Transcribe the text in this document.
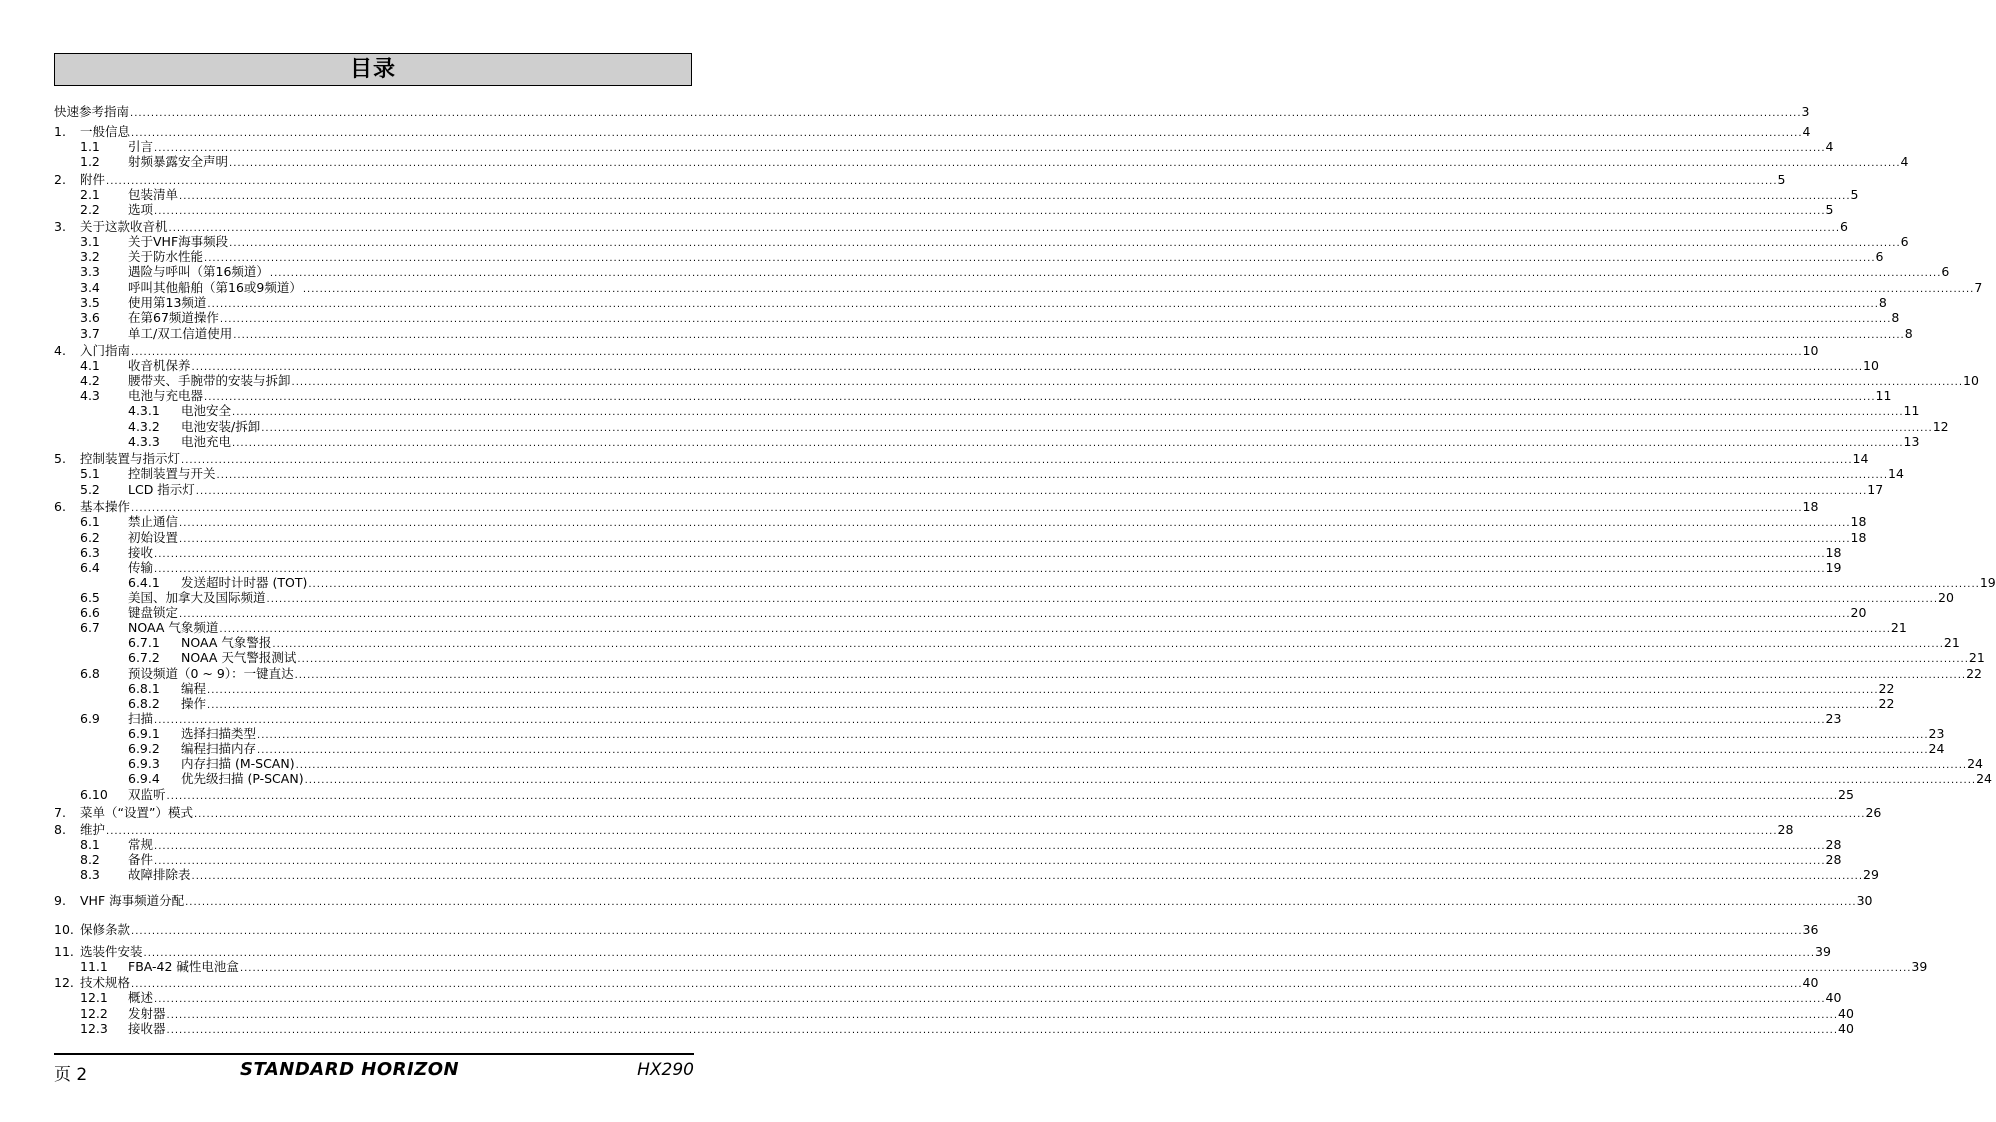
目录
快速参考指南 ................................................................................................................................................................................................................................................................................................................................................................................................................ 3
1. 一般信息 ................................................................................................................................................................................................................................................................................................................................................................................................................ 4
1.1 引言 ................................................................................................................................................................................................................................................................................................................................................................................................................ 4
1.2 射频暴露安全声明 ................................................................................................................................................................................................................................................................................................................................................................................................................ 4
2. 附件 ................................................................................................................................................................................................................................................................................................................................................................................................................ 5
2.1 包装清单 ................................................................................................................................................................................................................................................................................................................................................................................................................ 5
2.2 选项 ................................................................................................................................................................................................................................................................................................................................................................................................................ 5
3. 关于这款收音机 ................................................................................................................................................................................................................................................................................................................................................................................................................ 6
3.1 关于VHF海事频段 ................................................................................................................................................................................................................................................................................................................................................................................................................ 6
3.2 关于防水性能 ................................................................................................................................................................................................................................................................................................................................................................................................................ 6
3.3 遇险与呼叫（第16频道） ................................................................................................................................................................................................................................................................................................................................................................................................................ 6
3.4 呼叫其他船舶（第16或9频道） ................................................................................................................................................................................................................................................................................................................................................................................................................ 7
3.5 使用第13频道 ................................................................................................................................................................................................................................................................................................................................................................................................................ 8
3.6 在第67频道操作 ................................................................................................................................................................................................................................................................................................................................................................................................................ 8
3.7 单工/双工信道使用 ................................................................................................................................................................................................................................................................................................................................................................................................................ 8
4. 入门指南 ................................................................................................................................................................................................................................................................................................................................................................................................................ 10
4.1 收音机保养 ................................................................................................................................................................................................................................................................................................................................................................................................................ 10
4.2 腰带夹、手腕带的安装与拆卸 ................................................................................................................................................................................................................................................................................................................................................................................................................ 10
4.3 电池与充电器 ................................................................................................................................................................................................................................................................................................................................................................................................................ 11
4.3.1 电池安全 ................................................................................................................................................................................................................................................................................................................................................................................................................ 11
4.3.2 电池安装/拆卸 ................................................................................................................................................................................................................................................................................................................................................................................................................ 12
4.3.3 电池充电 ................................................................................................................................................................................................................................................................................................................................................................................................................ 13
5. 控制装置与指示灯 ................................................................................................................................................................................................................................................................................................................................................................................................................ 14
5.1 控制装置与开关 ................................................................................................................................................................................................................................................................................................................................................................................................................ 14
5.2 LCD 指示灯 ................................................................................................................................................................................................................................................................................................................................................................................................................ 17
6. 基本操作 ................................................................................................................................................................................................................................................................................................................................................................................................................ 18
6.1 禁止通信 ................................................................................................................................................................................................................................................................................................................................................................................................................ 18
6.2 初始设置 ................................................................................................................................................................................................................................................................................................................................................................................................................ 18
6.3 接收 ................................................................................................................................................................................................................................................................................................................................................................................................................ 18
6.4 传输 ................................................................................................................................................................................................................................................................................................................................................................................................................ 19
6.4.1 发送超时计时器 (TOT) ................................................................................................................................................................................................................................................................................................................................................................................................................ 19
6.5 美国、加拿大及国际频道 ................................................................................................................................................................................................................................................................................................................................................................................................................ 20
6.6 键盘锁定 ................................................................................................................................................................................................................................................................................................................................................................................................................ 20
6.7 NOAA 气象频道 ................................................................................................................................................................................................................................................................................................................................................................................................................ 21
6.7.1 NOAA 气象警报 ................................................................................................................................................................................................................................................................................................................................................................................................................ 21
6.7.2 NOAA 天气警报测试 ................................................................................................................................................................................................................................................................................................................................................................................................................ 21
6.8 预设频道（0 ~ 9）：一键直达 ................................................................................................................................................................................................................................................................................................................................................................................................................ 22
6.8.1 编程 ................................................................................................................................................................................................................................................................................................................................................................................................................ 22
6.8.2 操作 ................................................................................................................................................................................................................................................................................................................................................................................................................ 22
6.9 扫描 ................................................................................................................................................................................................................................................................................................................................................................................................................ 23
6.9.1 选择扫描类型 ................................................................................................................................................................................................................................................................................................................................................................................................................ 23
6.9.2 编程扫描内存 ................................................................................................................................................................................................................................................................................................................................................................................................................ 24
6.9.3 内存扫描 (M-SCAN) ................................................................................................................................................................................................................................................................................................................................................................................................................ 24
6.9.4 优先级扫描 (P-SCAN) ................................................................................................................................................................................................................................................................................................................................................................................................................ 24
6.10 双监听 ................................................................................................................................................................................................................................................................................................................................................................................................................ 25
7. 菜单（“设置”）模式 ................................................................................................................................................................................................................................................................................................................................................................................................................ 26
8. 维护 ................................................................................................................................................................................................................................................................................................................................................................................................................ 28
8.1 常规 ................................................................................................................................................................................................................................................................................................................................................................................................................ 28
8.2 备件 ................................................................................................................................................................................................................................................................................................................................................................................................................ 28
8.3 故障排除表 ................................................................................................................................................................................................................................................................................................................................................................................................................ 29
9. VHF 海事频道分配 ................................................................................................................................................................................................................................................................................................................................................................................................................ 30
10. 保修条款 ................................................................................................................................................................................................................................................................................................................................................................................................................ 36
11. 选装件安装 ................................................................................................................................................................................................................................................................................................................................................................................................................ 39
11.1 FBA-42 碱性电池盒 ................................................................................................................................................................................................................................................................................................................................................................................................................ 39
12. 技术规格 ................................................................................................................................................................................................................................................................................................................................................................................................................ 40
12.1 概述 ................................................................................................................................................................................................................................................................................................................................................................................................................ 40
12.2 发射器 ................................................................................................................................................................................................................................................................................................................................................................................................................ 40
12.3 接收器 ................................................................................................................................................................................................................................................................................................................................................................................................................ 40
页 2	STANDARD HORIZON	HX290
